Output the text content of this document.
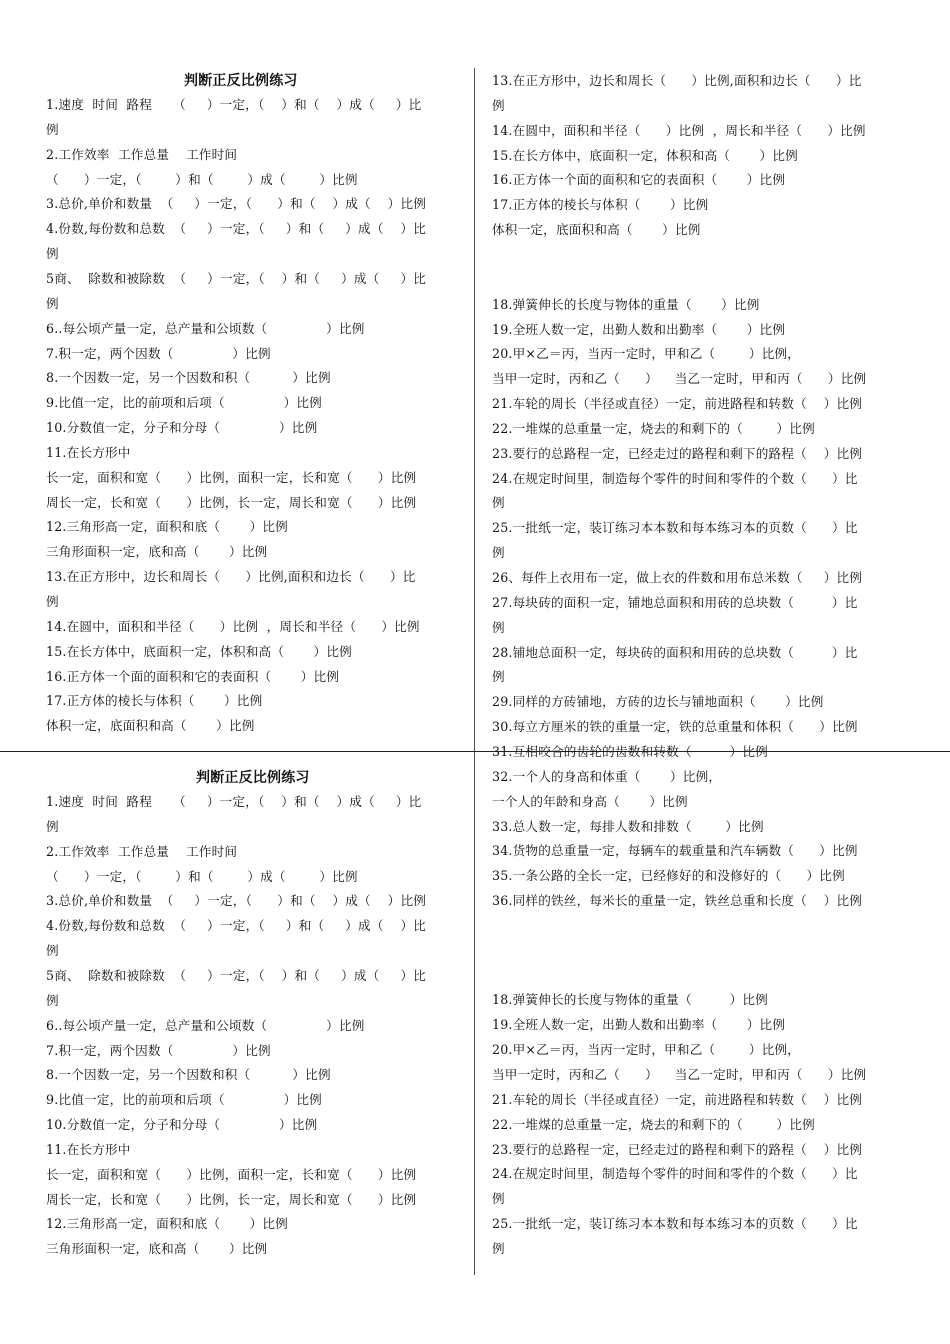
判断正反比例练习
1.速度  时间  路程     （     ）一定，（    ）和（    ）成（     ）比
例
2.工作效率  工作总量    工作时间
（      ）一定，（        ）和（        ）成（        ）比例
3.总价,单价和数量  （     ）一定，（      ）和（    ）成（    ）比例
4.份数,每份数和总数  （     ）一定，（     ）和（     ）成（    ）比
例
5商、  除数和被除数  （     ）一定，（    ）和（     ）成（     ）比
例
6..每公顷产量一定，总产量和公顷数（              ）比例
7.积一定，两个因数（              ）比例
8.一个因数一定，另一个因数和积（          ）比例
9.比值一定，比的前项和后项（              ）比例
10.分数值一定，分子和分母（              ）比例
11.在长方形中
长一定，面积和宽（      ）比例，面积一定，长和宽（      ）比例
周长一定，长和宽（      ）比例，长一定，周长和宽（      ）比例
12.三角形高一定，面积和底（       ）比例
三角形面积一定，底和高（       ）比例
13.在正方形中，边长和周长（      ）比例,面积和边长（      ）比
例
14.在圆中，面积和半径（      ）比例  ，周长和半径（      ）比例
15.在长方体中，底面积一定，体积和高（       ）比例
16.正方体一个面的面积和它的表面积（       ）比例
17.正方体的棱长与体积（       ）比例
体积一定，底面积和高（       ）比例
13.在正方形中，边长和周长（      ）比例,面积和边长（      ）比
例
14.在圆中，面积和半径（      ）比例  ，周长和半径（      ）比例
15.在长方体中，底面积一定，体积和高（       ）比例
16.正方体一个面的面积和它的表面积（       ）比例
17.正方体的棱长与体积（       ）比例
体积一定，底面积和高（       ）比例
18.弹簧伸长的长度与物体的重量（       ）比例
19.全班人数一定，出勤人数和出勤率（       ）比例
20.甲×乙＝丙，当丙一定时，甲和乙（        ）比例，
当甲一定时，丙和乙（      ）    当乙一定时，甲和丙（      ）比例
21.车轮的周长（半径或直径）一定，前进路程和转数（    ）比例
22.一堆煤的总重量一定，烧去的和剩下的（        ）比例
23.要行的总路程一定，已经走过的路程和剩下的路程（    ）比例
24.在规定时间里，制造每个零件的时间和零件的个数（      ）比
例
25.一批纸一定，装订练习本本数和每本练习本的页数（      ）比
例
26、每件上衣用布一定，做上衣的件数和用布总米数（     ）比例
27.每块砖的面积一定，铺地总面积和用砖的总块数（         ）比
例
28.铺地总面积一定，每块砖的面积和用砖的总块数（         ）比
例
29.同样的方砖铺地，方砖的边长与铺地面积（       ）比例
30.每立方厘米的铁的重量一定，铁的总重量和体积（      ）比例
31.互相咬合的齿轮的齿数和转数（         ）比例
32.一个人的身高和体重（       ）比例，
一个人的年龄和身高（       ）比例
33.总人数一定，每排人数和排数（        ）比例
34.货物的总重量一定，每辆车的载重量和汽车辆数（      ）比例
35.一条公路的全长一定，已经修好的和没修好的（      ）比例
36.同样的铁丝，每米长的重量一定，铁丝总重和长度（    ）比例
18.弹簧伸长的长度与物体的重量（         ）比例
19.全班人数一定，出勤人数和出勤率（       ）比例
20.甲×乙＝丙，当丙一定时，甲和乙（        ）比例，
当甲一定时，丙和乙（      ）    当乙一定时，甲和丙（      ）比例
21.车轮的周长（半径或直径）一定，前进路程和转数（    ）比例
22.一堆煤的总重量一定，烧去的和剩下的（        ）比例
23.要行的总路程一定，已经走过的路程和剩下的路程（    ）比例
24.在规定时间里，制造每个零件的时间和零件的个数（      ）比
例
25.一批纸一定，装订练习本本数和每本练习本的页数（      ）比
例
判断正反比例练习
1.速度  时间  路程     （     ）一定，（    ）和（    ）成（     ）比
例
2.工作效率  工作总量    工作时间
（      ）一定，（        ）和（        ）成（        ）比例
3.总价,单价和数量  （     ）一定，（      ）和（    ）成（    ）比例
4.份数,每份数和总数  （     ）一定，（     ）和（     ）成（    ）比
例
5商、  除数和被除数  （     ）一定，（    ）和（     ）成（     ）比
例
6..每公顷产量一定，总产量和公顷数（              ）比例
7.积一定，两个因数（              ）比例
8.一个因数一定，另一个因数和积（          ）比例
9.比值一定，比的前项和后项（              ）比例
10.分数值一定，分子和分母（              ）比例
11.在长方形中
长一定，面积和宽（      ）比例，面积一定，长和宽（      ）比例
周长一定，长和宽（      ）比例，长一定，周长和宽（      ）比例
12.三角形高一定，面积和底（       ）比例
三角形面积一定，底和高（       ）比例
